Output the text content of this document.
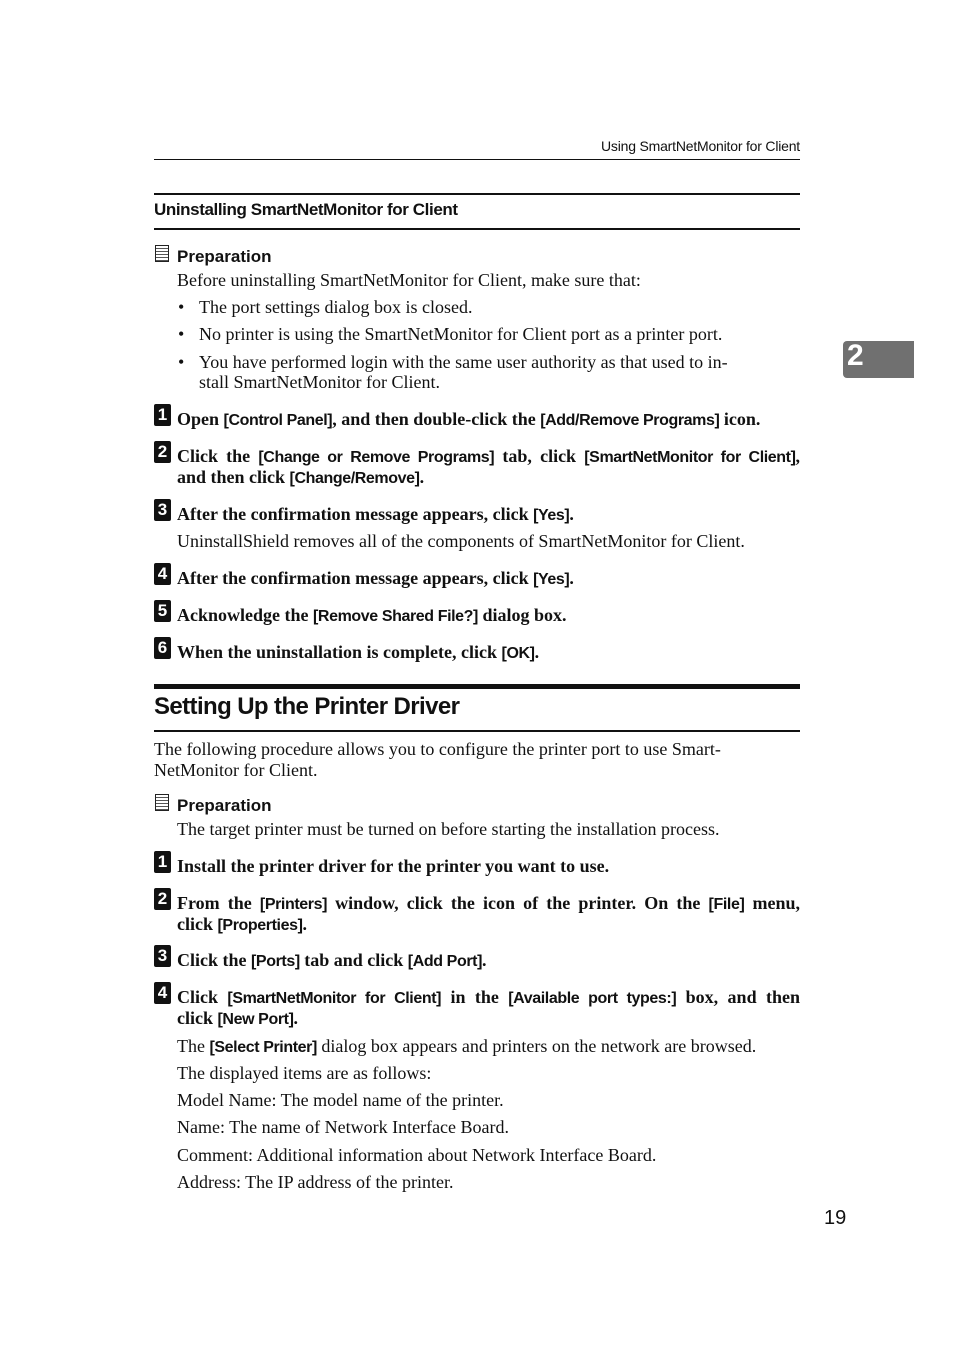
Using SmartNetMonitor for Client
2
Uninstalling SmartNetMonitor for Client
Preparation
Before uninstalling SmartNetMonitor for Client, make sure that:
• The port settings dialog box is closed.
• No printer is using the SmartNetMonitor for Client port as a printer port.
• You have performed login with the same user authority as that used to in-
stall SmartNetMonitor for Client.
1 Open [Control Panel], and then double-click the [Add/Remove Programs] icon.
2 Click the [Change or Remove Programs] tab, click [SmartNetMonitor for Client],
and then click [Change/Remove].
3 After the confirmation message appears, click [Yes].
UninstallShield removes all of the components of SmartNetMonitor for Client.
4 After the confirmation message appears, click [Yes].
5 Acknowledge the [Remove Shared File?] dialog box.
6 When the uninstallation is complete, click [OK].
Setting Up the Printer Driver
The following procedure allows you to configure the printer port to use Smart-
NetMonitor for Client.
Preparation
The target printer must be turned on before starting the installation process.
1 Install the printer driver for the printer you want to use.
2 From the [Printers] window, click the icon of the printer. On the [File] menu,
click [Properties].
3 Click the [Ports] tab and click [Add Port].
4 Click [SmartNetMonitor for Client] in the [Available port types:] box, and then
click [New Port].
The [Select Printer] dialog box appears and printers on the network are browsed.
The displayed items are as follows:
Model Name: The model name of the printer.
Name: The name of Network Interface Board.
Comment: Additional information about Network Interface Board.
Address: The IP address of the printer.
19
